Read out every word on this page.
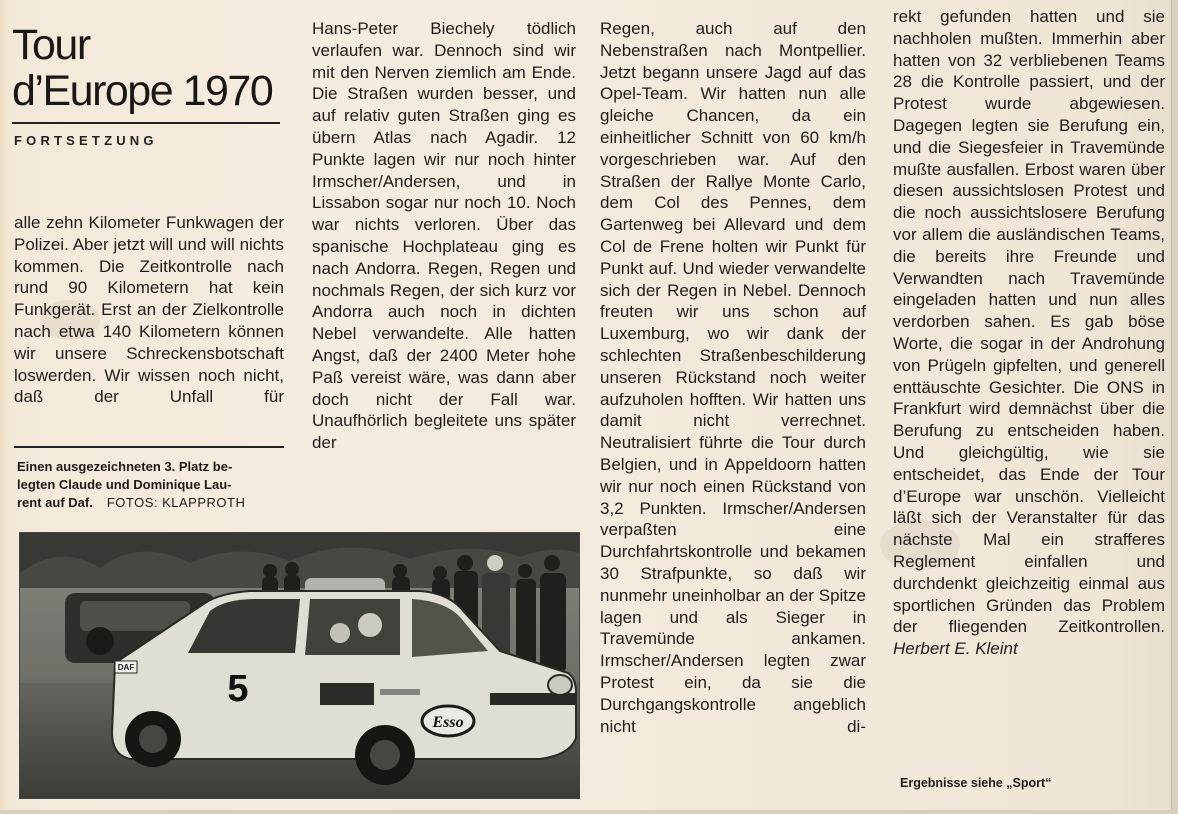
Tour
d’Europe 1970
FORTSETZUNG

alle zehn Kilometer Funkwagen der Polizei. Aber jetzt will und will nichts kommen. Die Zeitkontrolle nach rund 90 Kilometern hat kein Funkgerät. Erst an der Zielkontrolle nach etwa 140 Kilometern können wir unsere Schreckensbotschaft loswerden. Wir wissen noch nicht, daß der Unfall für

Einen ausgezeichneten 3. Platz be-
legten Claude und Dominique Lau-
rent auf Daf. FOTOS: KLAPPROTH

Hans-Peter Biechely tödlich verlaufen war. Dennoch sind wir mit den Nerven ziemlich am Ende.

Die Straßen wurden besser, und auf relativ guten Straßen ging es übern Atlas nach Agadir. 12 Punkte lagen wir nur noch hinter Irmscher/Andersen, und in Lissabon sogar nur noch 10. Noch war nichts verloren. Über das spanische Hochplateau ging es nach Andorra. Regen, Regen und nochmals Regen, der sich kurz vor Andorra auch noch in dichten Nebel verwandelte. Alle hatten Angst, daß der 2400 Meter hohe Paß vereist wäre, was dann aber doch nicht der Fall war. Unaufhörlich begleitete uns später der

Regen, auch auf den Nebenstraßen nach Montpellier. Jetzt begann unsere Jagd auf das Opel-Team. Wir hatten nun alle gleiche Chancen, da ein einheitlicher Schnitt von 60 km/h vorgeschrieben war. Auf den Straßen der Rallye Monte Carlo, dem Col des Pennes, dem Gartenweg bei Allevard und dem Col de Frene holten wir Punkt für Punkt auf. Und wieder verwandelte sich der Regen in Nebel. Dennoch freuten wir uns schon auf Luxemburg, wo wir dank der schlechten Straßenbeschilderung unseren Rückstand noch weiter aufzuholen hofften. Wir hatten uns damit nicht verrechnet.

Neutralisiert führte die Tour durch Belgien, und in Appeldoorn hatten wir nur noch einen Rückstand von 3,2 Punkten. Irmscher/Andersen verpaßten eine Durchfahrtskontrolle und bekamen 30 Strafpunkte, so daß wir nunmehr uneinholbar an der Spitze lagen und als Sieger in Travemünde ankamen. Irmscher/Andersen legten zwar Protest ein, da sie die Durchgangskontrolle angeblich nicht di-

rekt gefunden hatten und sie nachholen mußten. Immerhin aber hatten von 32 verbliebenen Teams 28 die Kontrolle passiert, und der Protest wurde abgewiesen. Dagegen legten sie Berufung ein, und die Siegesfeier in Travemünde mußte ausfallen. Erbost waren über diesen aussichtslosen Protest und die noch aussichtslosere Berufung vor allem die ausländischen Teams, die bereits ihre Freunde und Verwandten nach Travemünde eingeladen hatten und nun alles verdorben sahen. Es gab böse Worte, die sogar in der Androhung von Prügeln gipfelten, und generell enttäuschte Gesichter. Die ONS in Frankfurt wird demnächst über die Berufung zu entscheiden haben. Und gleichgültig, wie sie entscheidet, das Ende der Tour d’Europe war unschön. Vielleicht läßt sich der Veranstalter für das nächste Mal ein strafferes Reglement einfallen und durchdenkt gleichzeitig einmal aus sportlichen Gründen das Problem der fliegenden Zeitkontrollen. Herbert E. Kleint

Ergebnisse siehe „Sport“
